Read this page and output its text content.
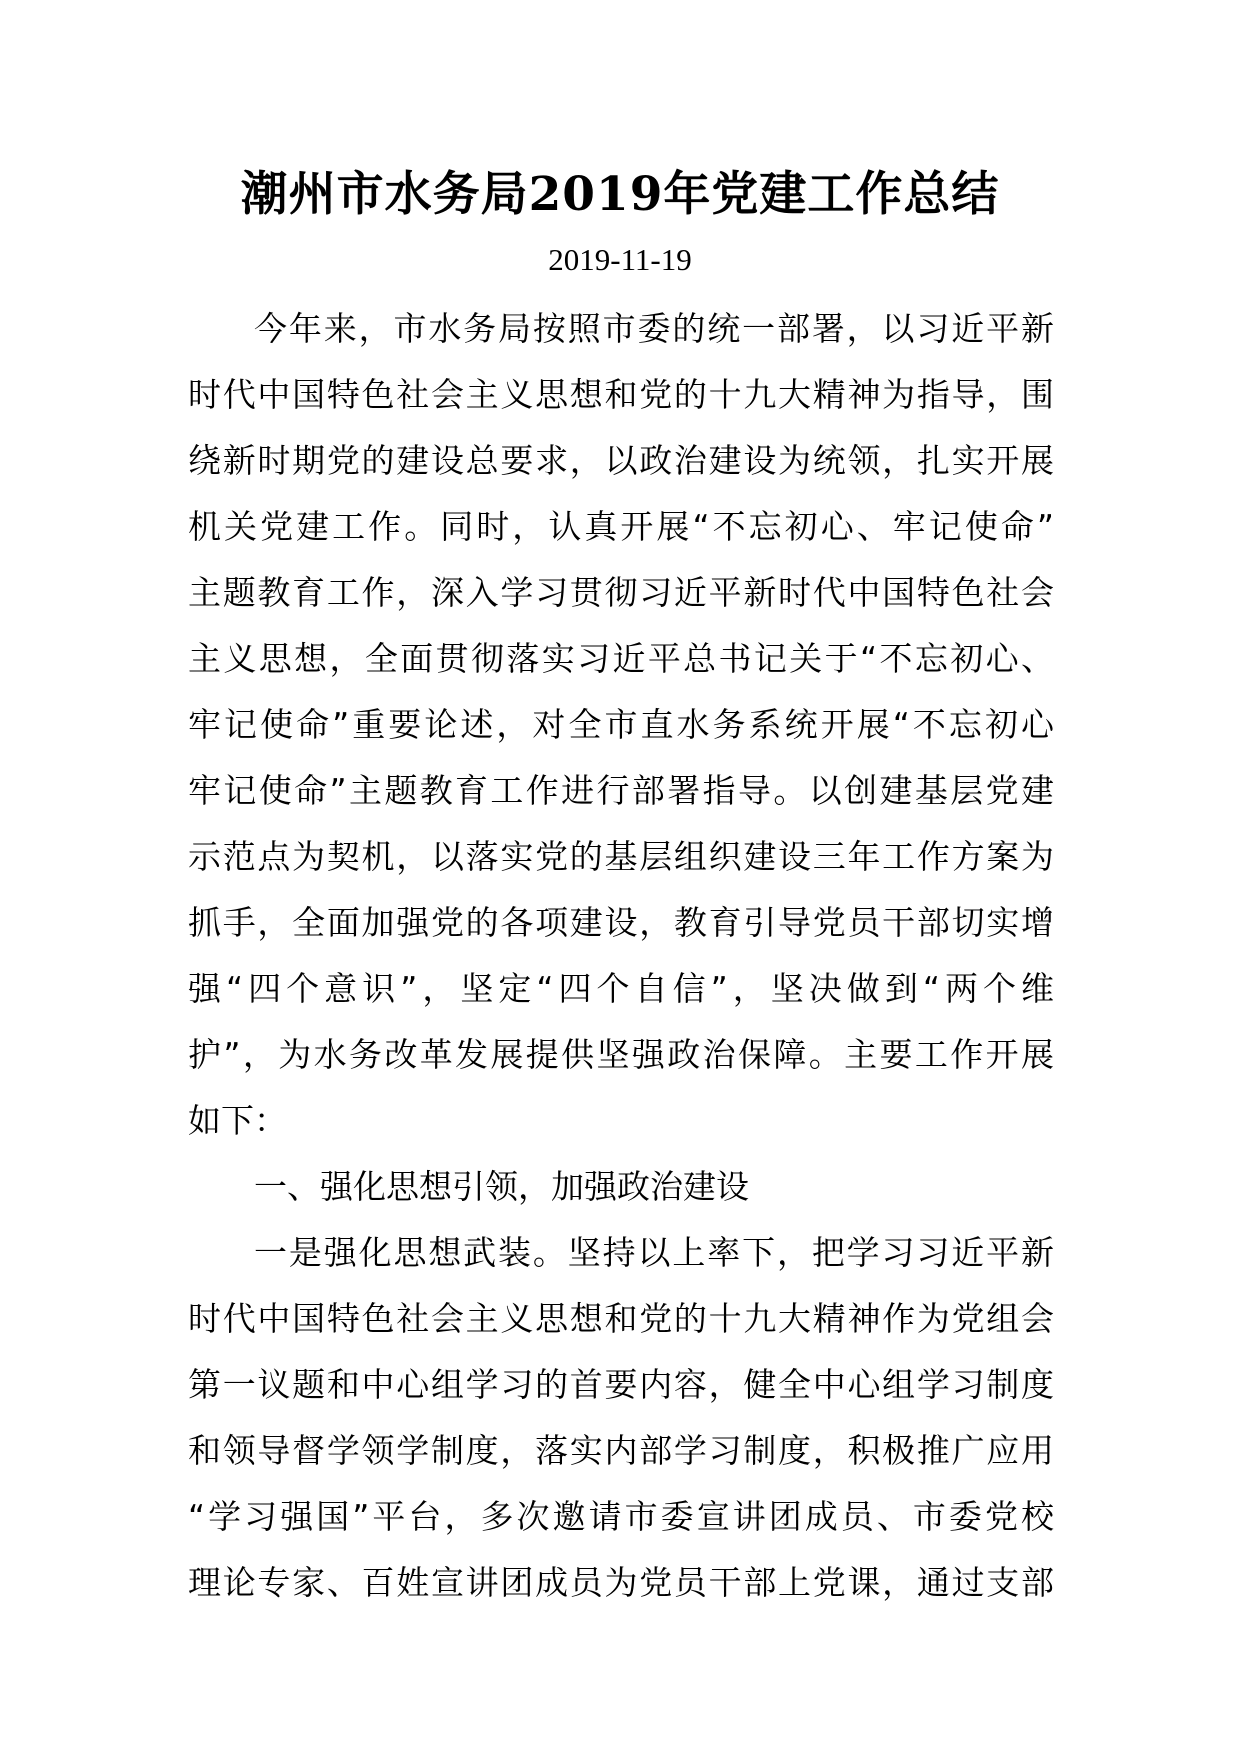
潮州市水务局2019年党建工作总结
2019-11-19
今年来，市水务局按照市委的统一部署，以习近平新
时代中国特色社会主义思想和党的十九大精神为指导，围
绕新时期党的建设总要求，以政治建设为统领，扎实开展
机关党建工作。同时，认真开展“不忘初心、牢记使命”
主题教育工作，深入学习贯彻习近平新时代中国特色社会
主义思想，全面贯彻落实习近平总书记关于“不忘初心、
牢记使命”重要论述，对全市直水务系统开展“不忘初心
牢记使命”主题教育工作进行部署指导。以创建基层党建
示范点为契机，以落实党的基层组织建设三年工作方案为
抓手，全面加强党的各项建设，教育引导党员干部切实增
强“四个意识”，坚定“四个自信”，坚决做到“两个维
护”，为水务改革发展提供坚强政治保障。主要工作开展
如下：
一、强化思想引领，加强政治建设
一是强化思想武装。坚持以上率下，把学习习近平新
时代中国特色社会主义思想和党的十九大精神作为党组会
第一议题和中心组学习的首要内容，健全中心组学习制度
和领导督学领学制度，落实内部学习制度，积极推广应用
“学习强国”平台，多次邀请市委宣讲团成员、市委党校
理论专家、百姓宣讲团成员为党员干部上党课，通过支部
